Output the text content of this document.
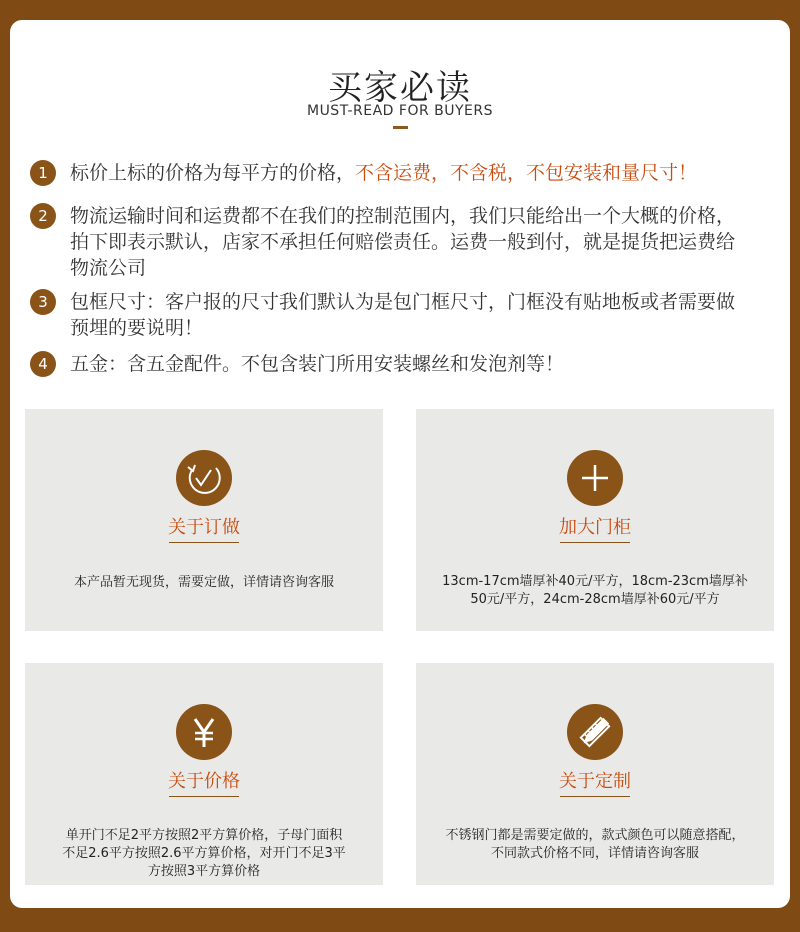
买家必读
MUST-READ FOR BUYERS
1	标价上标的价格为每平方的价格，不含运费，不含税，不包安装和量尺寸！
2	物流运输时间和运费都不在我们的控制范围内，我们只能给出一个大概的价格，
拍下即表示默认，店家不承担任何赔偿责任。运费一般到付，就是提货把运费给
物流公司
3	包框尺寸：客户报的尺寸我们默认为是包门框尺寸，门框没有贴地板或者需要做
预埋的要说明！
4	五金：含五金配件。不包含装门所用安装螺丝和发泡剂等！
关于订做
本产品暂无现货，需要定做，详情请咨询客服
加大门柜
13cm-17cm墙厚补40元/平方，18cm-23cm墙厚补
50元/平方，24cm-28cm墙厚补60元/平方
关于价格
单开门不足2平方按照2平方算价格，子母门面积
不足2.6平方按照2.6平方算价格，对开门不足3平
方按照3平方算价格
关于定制
不锈钢门都是需要定做的，款式颜色可以随意搭配，
不同款式价格不同，详情请咨询客服
